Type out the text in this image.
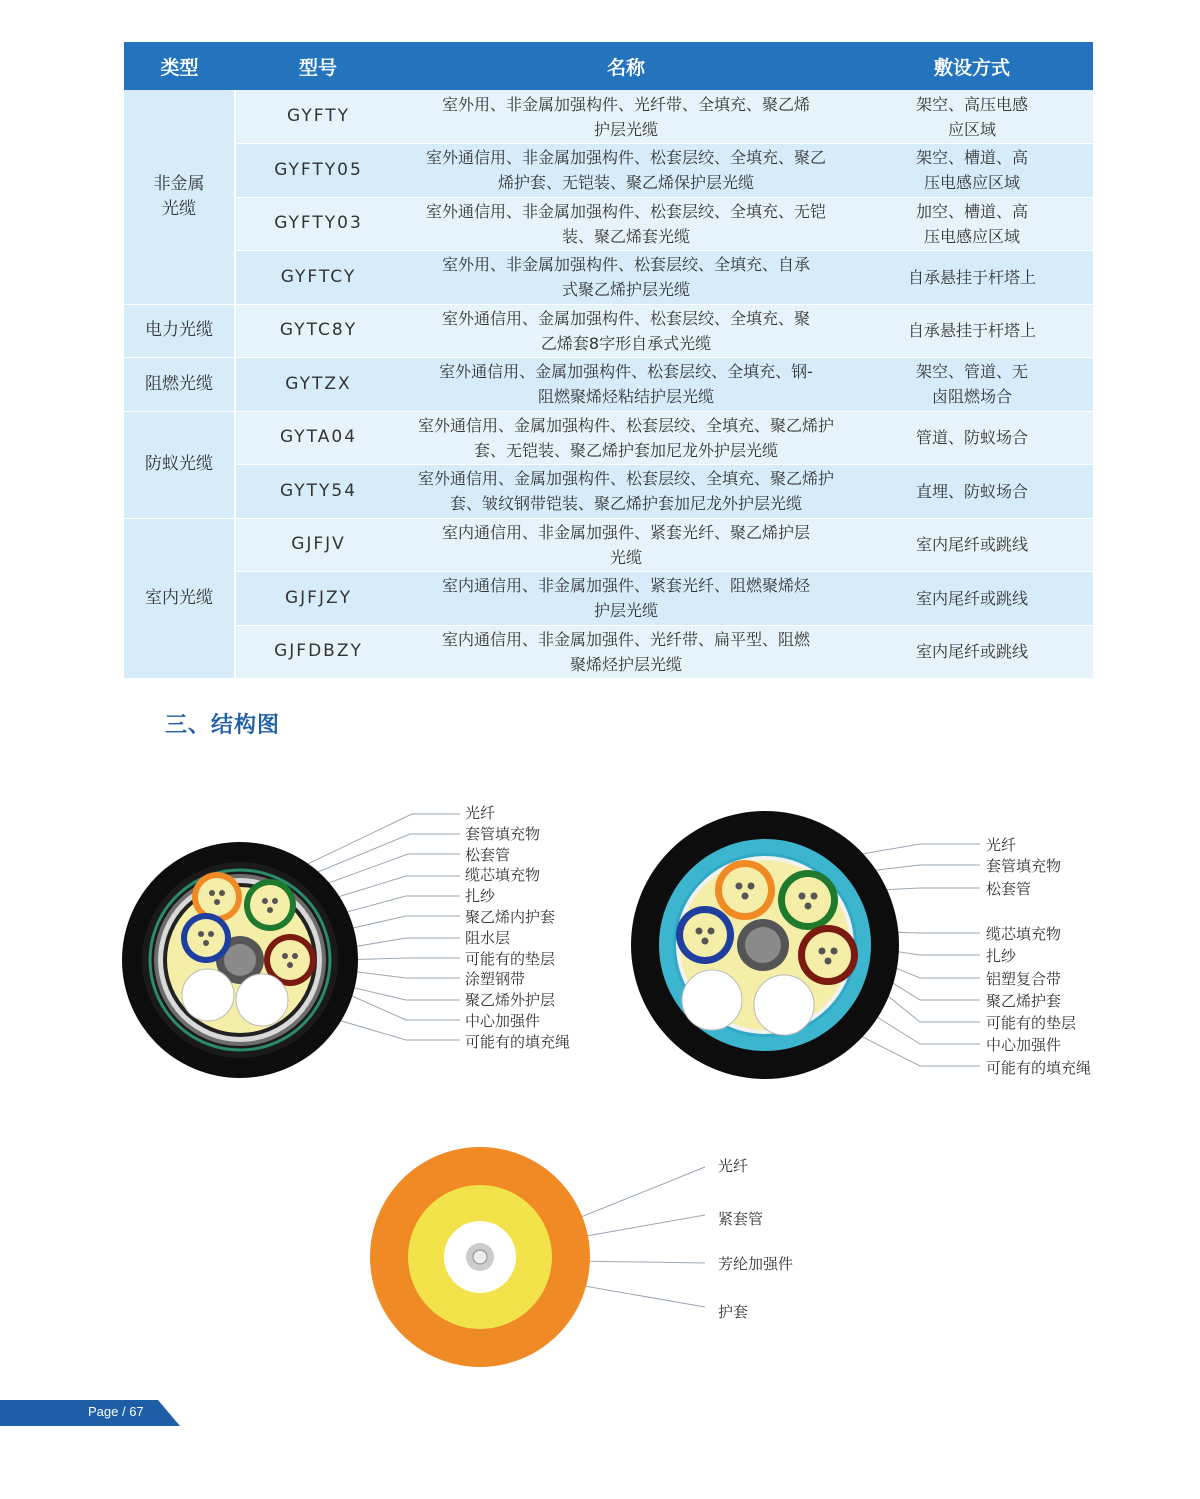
类型	型号	名称	敷设方式
非金属光缆	GYFTY	室外用、非金属加强构件、光纤带、全填充、聚乙烯护层光缆	架空、高压电感应区域
	GYFTY05	室外通信用、非金属加强构件、松套层绞、全填充、聚乙烯护套、无铠装、聚乙烯保护层光缆	架空、槽道、高压电感应区域
	GYFTY03	室外通信用、非金属加强构件、松套层绞、全填充、无铠装、聚乙烯套光缆	加空、槽道、高压电感应区域
	GYFTCY	室外用、非金属加强构件、松套层绞、全填充、自承式聚乙烯护层光缆	自承悬挂于杆塔上
电力光缆	GYTC8Y	室外通信用、金属加强构件、松套层绞、全填充、聚乙烯套8字形自承式光缆	自承悬挂于杆塔上
阻燃光缆	GYTZX	室外通信用、金属加强构件、松套层绞、全填充、钢-阻燃聚烯烃粘结护层光缆	架空、管道、无卤阻燃场合
防蚁光缆	GYTA04	室外通信用、金属加强构件、松套层绞、全填充、聚乙烯护套、无铠装、聚乙烯护套加尼龙外护层光缆	管道、防蚁场合
	GYTY54	室外通信用、金属加强构件、松套层绞、全填充、聚乙烯护套、皱纹钢带铠装、聚乙烯护套加尼龙外护层光缆	直埋、防蚁场合
室内光缆	GJFJV	室内通信用、非金属加强件、紧套光纤、聚乙烯护层光缆	室内尾纤或跳线
	GJFJZY	室内通信用、非金属加强件、紧套光纤、阻燃聚烯烃护层光缆	室内尾纤或跳线
	GJFDBZY	室内通信用、非金属加强件、光纤带、扁平型、阻燃聚烯烃护层光缆	室内尾纤或跳线
三、结构图
光纤
套管填充物
松套管
缆芯填充物
扎纱
聚乙烯内护套
阻水层
可能有的垫层
涂塑钢带
聚乙烯外护层
中心加强件
可能有的填充绳
光纤
套管填充物
松套管
缆芯填充物
扎纱
铝塑复合带
聚乙烯护套
可能有的垫层
中心加强件
可能有的填充绳
光纤
紧套管
芳纶加强件
护套
Page / 67
